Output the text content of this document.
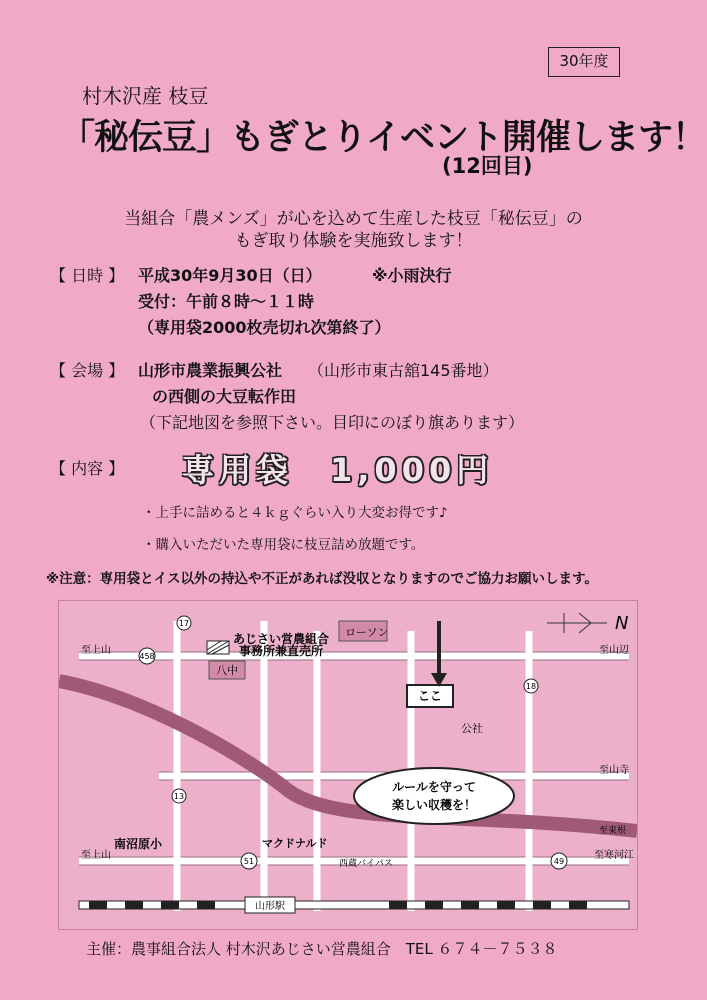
30年度
村木沢産 枝豆
「秘伝豆」もぎとりイベント開催します！
(12回目)
当組合「農メンズ」が心を込めて生産した枝豆「秘伝豆」の
もぎ取り体験を実施致します！
【 日時 】 平成30年9月30日（日）	※小雨決行
受付：午前８時～１１時
（専用袋2000枚売切れ次第終了）
【 会場 】 山形市農業振興公社 （山形市東古舘145番地）
の西側の大豆転作田
（下記地図を参照下さい。目印にのぼり旗あります）
【 内容 】 専用袋　1,000円
・上手に詰めると４ｋｇぐらい入り大変お得です♪
・購入いただいた専用袋に枝豆詰め放題です。
※注意：専用袋とイス以外の持込や不正があれば没収となりますのでご協力お願いします。
山形駅
ここ
あじさい営農組合
事務所兼直売所
ローソン
八中
公社
N
ルールを守って
楽しい収穫を！
至上山
至上山
至山辺
至山寺
至寒河江
至東根
南沼原小	マクドナルド
西蔵バイパス
17
458
18
51	49
13
主催：農事組合法人 村木沢あじさい営農組合　TEL ６７４－７５３８
